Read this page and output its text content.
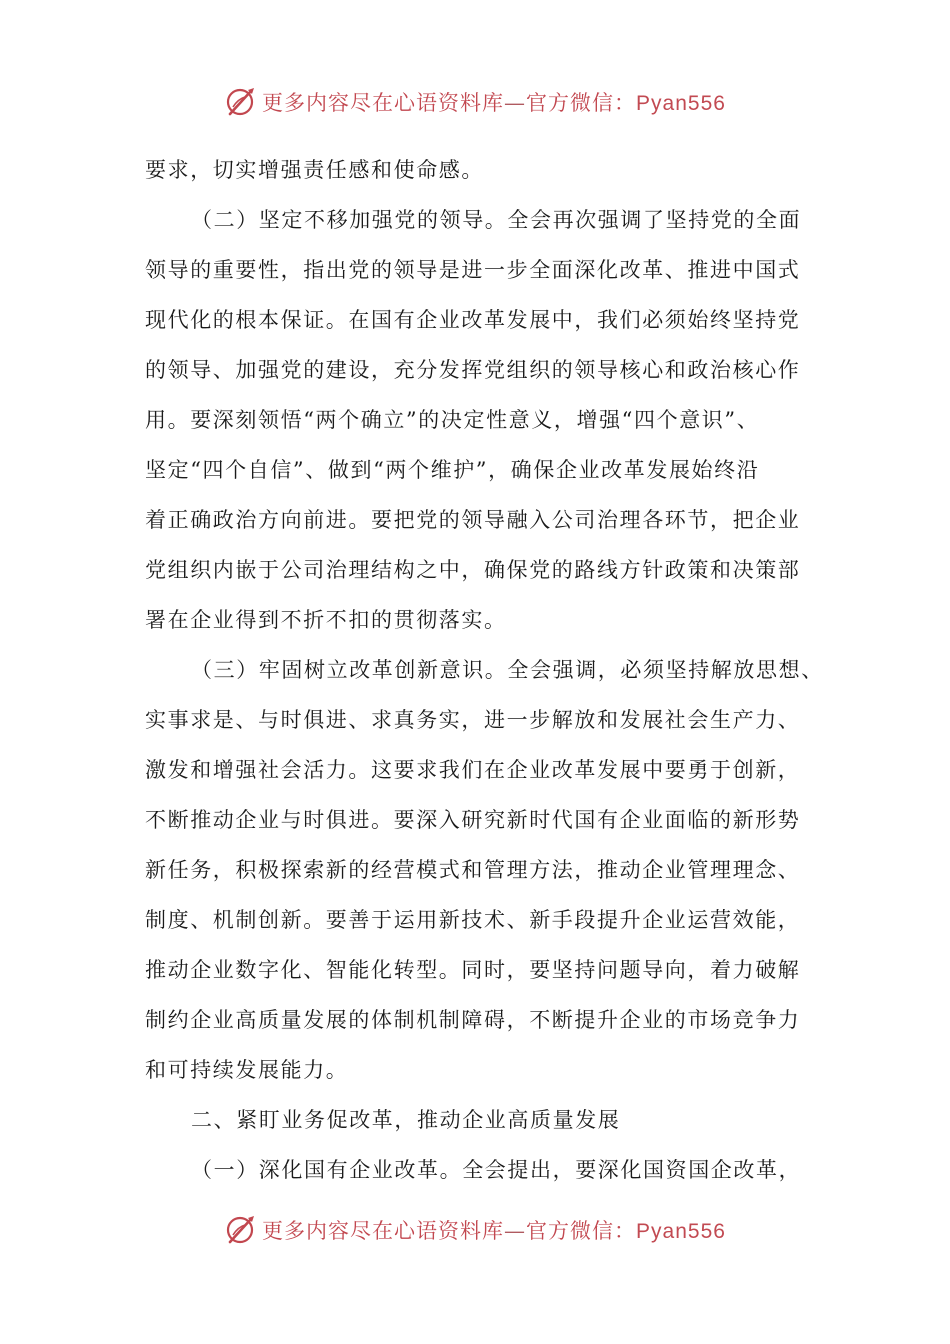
更多内容尽在心语资料库—官方微信：Pyan556
要求，切实增强责任感和使命感。
（二）坚定不移加强党的领导。全会再次强调了坚持党的全面
领导的重要性，指出党的领导是进一步全面深化改革、推进中国式
现代化的根本保证。在国有企业改革发展中，我们必须始终坚持党
的领导、加强党的建设，充分发挥党组织的领导核心和政治核心作
用。要深刻领悟“两个确立”的决定性意义，增强“四个意识”、
坚定“四个自信”、做到“两个维护”，确保企业改革发展始终沿
着正确政治方向前进。要把党的领导融入公司治理各环节，把企业
党组织内嵌于公司治理结构之中，确保党的路线方针政策和决策部
署在企业得到不折不扣的贯彻落实。
（三）牢固树立改革创新意识。全会强调，必须坚持解放思想、
实事求是、与时俱进、求真务实，进一步解放和发展社会生产力、
激发和增强社会活力。这要求我们在企业改革发展中要勇于创新，
不断推动企业与时俱进。要深入研究新时代国有企业面临的新形势
新任务，积极探索新的经营模式和管理方法，推动企业管理理念、
制度、机制创新。要善于运用新技术、新手段提升企业运营效能，
推动企业数字化、智能化转型。同时，要坚持问题导向，着力破解
制约企业高质量发展的体制机制障碍，不断提升企业的市场竞争力
和可持续发展能力。
二、紧盯业务促改革，推动企业高质量发展
（一）深化国有企业改革。全会提出，要深化国资国企改革，
更多内容尽在心语资料库—官方微信：Pyan556
